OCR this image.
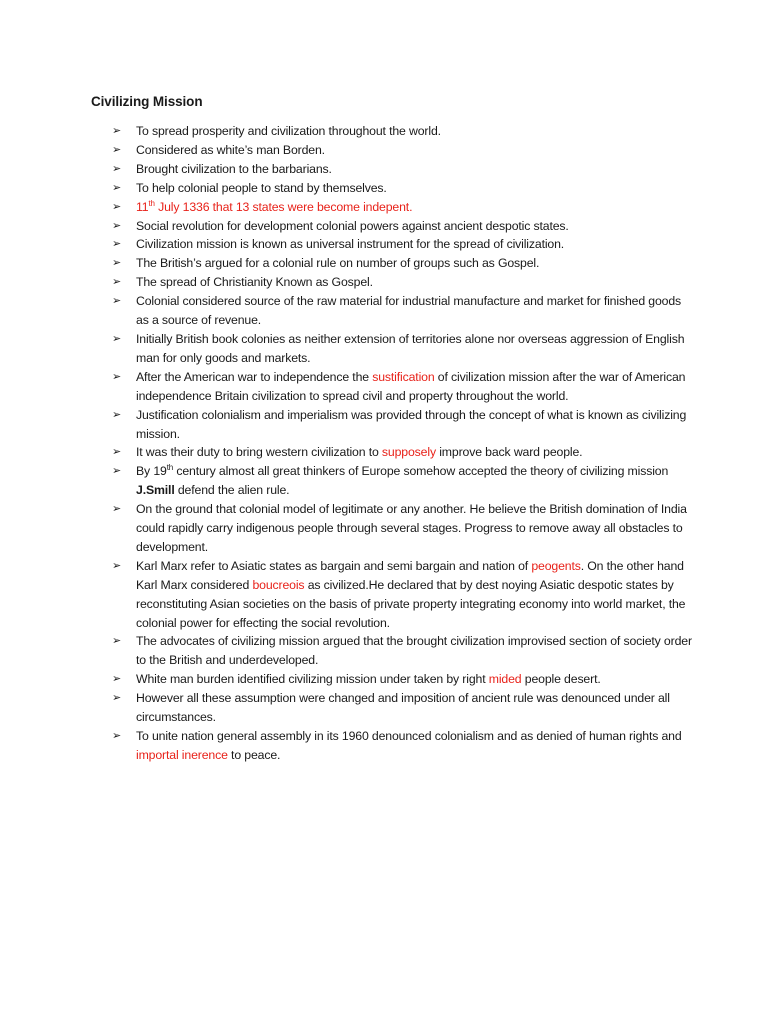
Civilizing Mission
➢ To spread prosperity and civilization throughout the world.
➢ Considered as white’s man Borden.
➢ Brought civilization to the barbarians.
➢ To help colonial people to stand by themselves.
➢ 11th July 1336 that 13 states were become indepent.
➢ Social revolution for development colonial powers against ancient despotic states.
➢ Civilization mission is known as universal instrument for the spread of civilization.
➢ The British’s argued for a colonial rule on number of groups such as Gospel.
➢ The spread of Christianity Known as Gospel.
➢ Colonial considered source of the raw material for industrial manufacture and market for finished goods as a source of revenue.
➢ Initially British book colonies as neither extension of territories alone nor overseas aggression of English man for only goods and markets.
➢ After the American war to independence the sustification of civilization mission after the war of American independence Britain civilization to spread civil and property throughout the world.
➢ Justification colonialism and imperialism was provided through the concept of what is known as civilizing mission.
➢ It was their duty to bring western civilization to supposely improve back ward people.
➢ By 19th century almost all great thinkers of Europe somehow accepted the theory of civilizing mission J.Smill defend the alien rule.
➢ On the ground that colonial model of legitimate or any another. He believe the British domination of India could rapidly carry indigenous people through several stages. Progress to remove away all obstacles to development.
➢ Karl Marx refer to Asiatic states as bargain and semi bargain and nation of peogents. On the other hand Karl Marx considered boucreois as civilized.He declared that by dest noying Asiatic despotic states by reconstituting Asian societies on the basis of private property integrating economy into world market, the colonial power for effecting the social revolution.
➢ The advocates of civilizing mission argued that the brought civilization improvised section of society order to the British and underdeveloped.
➢ White man burden identified civilizing mission under taken by right mided people desert.
➢ However all these assumption were changed and imposition of ancient rule was denounced under all circumstances.
➢ To unite nation general assembly in its 1960 denounced colonialism and as denied of human rights and importal inerence to peace.
